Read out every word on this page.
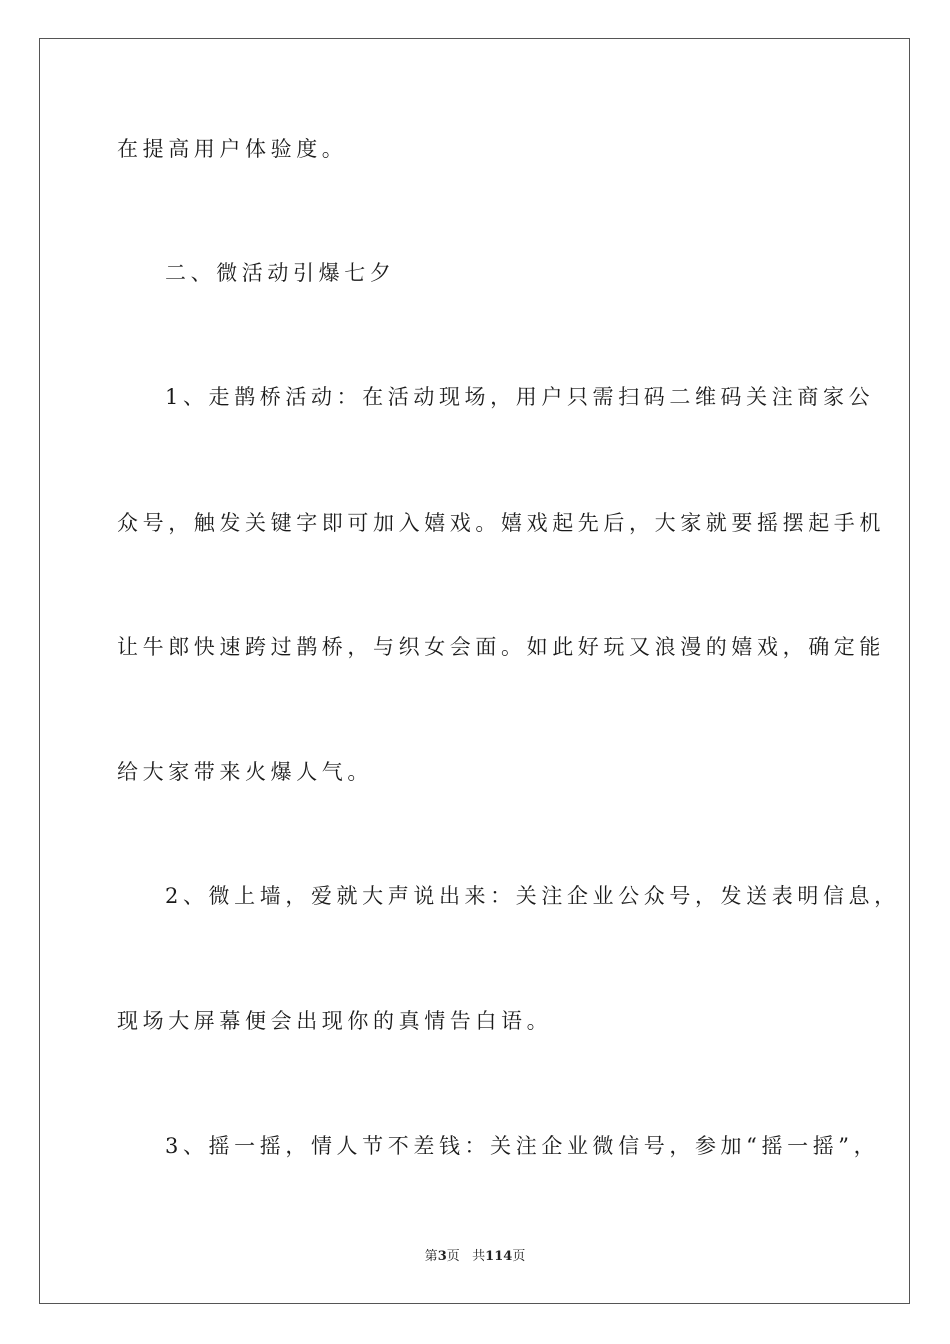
在提高用户体验度。
二、微活动引爆七夕
1、走鹊桥活动：在活动现场，用户只需扫码二维码关注商家公
众号，触发关键字即可加入嬉戏。嬉戏起先后，大家就要摇摆起手机
让牛郎快速跨过鹊桥，与织女会面。如此好玩又浪漫的嬉戏，确定能
给大家带来火爆人气。
2、微上墙，爱就大声说出来：关注企业公众号，发送表明信息，
现场大屏幕便会出现你的真情告白语。
3、摇一摇，情人节不差钱：关注企业微信号，参加“摇一摇”，
第3页 共114页
